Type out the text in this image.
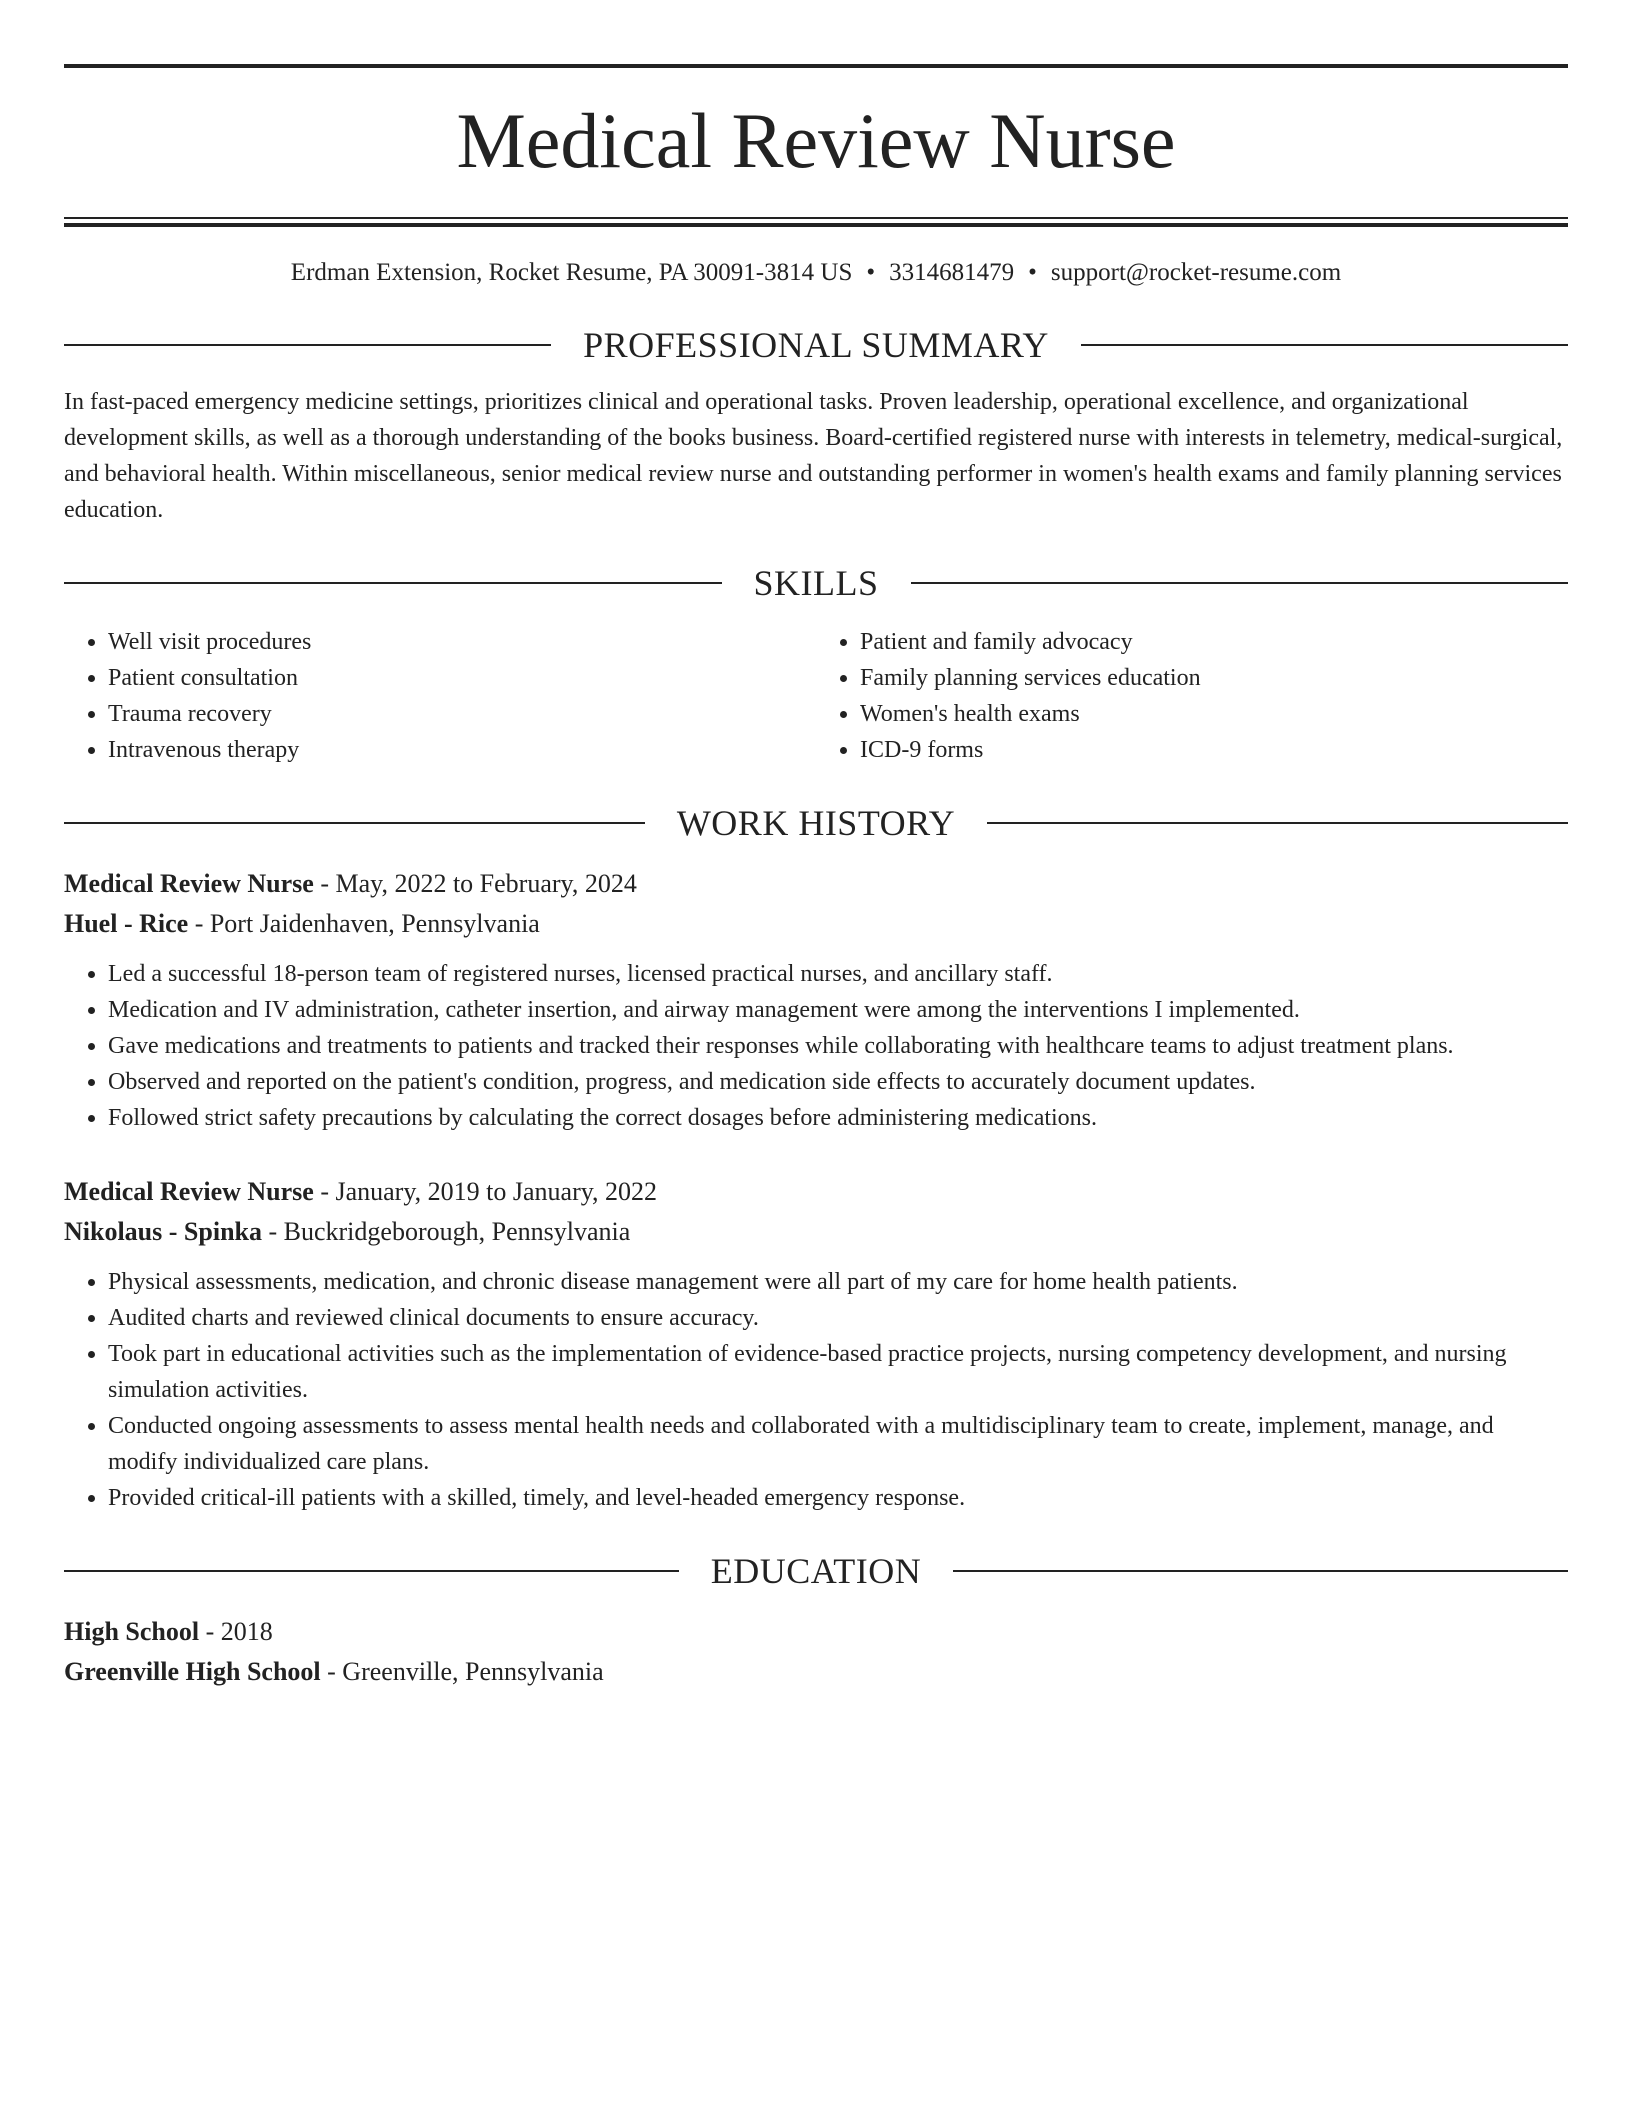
Medical Review Nurse
Erdman Extension, Rocket Resume, PA 30091-3814 US • 3314681479 • support@rocket-resume.com
PROFESSIONAL SUMMARY
In fast-paced emergency medicine settings, prioritizes clinical and operational tasks. Proven leadership, operational excellence, and organizational development skills, as well as a thorough understanding of the books business. Board-certified registered nurse with interests in telemetry, medical-surgical, and behavioral health. Within miscellaneous, senior medical review nurse and outstanding performer in women's health exams and family planning services education.
SKILLS
• Well visit procedures
• Patient consultation
• Trauma recovery
• Intravenous therapy
• Patient and family advocacy
• Family planning services education
• Women's health exams
• ICD-9 forms
WORK HISTORY
Medical Review Nurse - May, 2022 to February, 2024
Huel - Rice - Port Jaidenhaven, Pennsylvania
• Led a successful 18-person team of registered nurses, licensed practical nurses, and ancillary staff.
• Medication and IV administration, catheter insertion, and airway management were among the interventions I implemented.
• Gave medications and treatments to patients and tracked their responses while collaborating with healthcare teams to adjust treatment plans.
• Observed and reported on the patient's condition, progress, and medication side effects to accurately document updates.
• Followed strict safety precautions by calculating the correct dosages before administering medications.
Medical Review Nurse - January, 2019 to January, 2022
Nikolaus - Spinka - Buckridgeborough, Pennsylvania
• Physical assessments, medication, and chronic disease management were all part of my care for home health patients.
• Audited charts and reviewed clinical documents to ensure accuracy.
• Took part in educational activities such as the implementation of evidence-based practice projects, nursing competency development, and nursing simulation activities.
• Conducted ongoing assessments to assess mental health needs and collaborated with a multidisciplinary team to create, implement, manage, and modify individualized care plans.
• Provided critical-ill patients with a skilled, timely, and level-headed emergency response.
EDUCATION
High School - 2018
Greenville High School - Greenville, Pennsylvania
